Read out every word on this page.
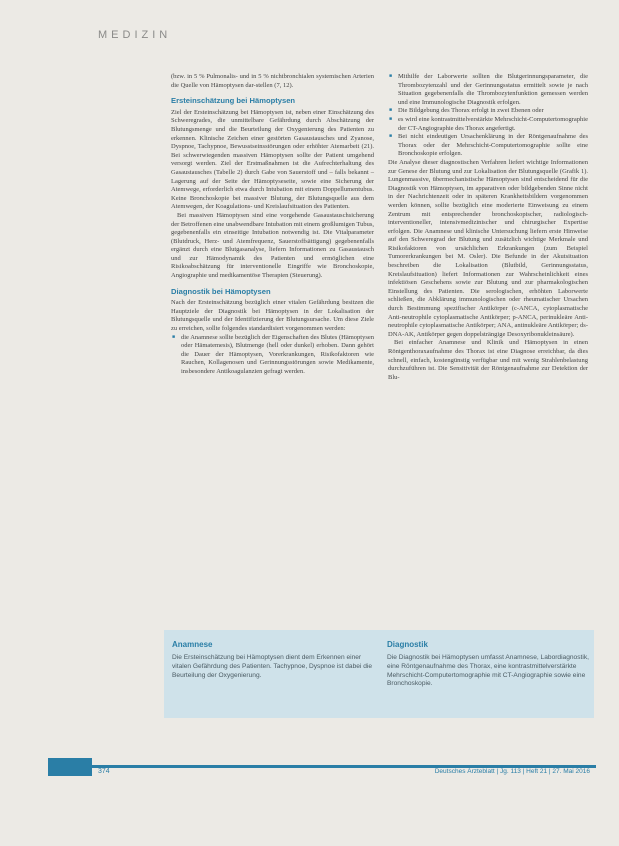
MEDIZIN

(bzw. in 5 % Pulmonalis- und in 5 % nichtbronchialen systemischen Arterien die Quelle von Hämoptysen dar-stellen (7, 12).

Ersteinschätzung bei Hämoptysen

Ziel der Ersteinschätzung bei Hämoptysen ist, neben einer Einschätzung des Schweregrades, die unmittelbare Gefährdung durch Abschätzung der Blutungsmenge und die Beurteilung der Oxygenierung des Patienten zu erkennen. Klinische Zeichen einer gestörten Gasaustausches und Zyanose, Dyspnoe, Tachypnoe, Bewusstseinsstörungen oder erhöhter Atemarbeit (21). Bei schwerwiegenden massiven Hämoptysen sollte der Patient umgehend versorgt werden. Ziel der Erstmaßnahmen ist die Aufrechterhaltung des Gasaustausches (Tabelle 2) durch Gabe von Sauerstoff und – falls bekannt – Lagerung auf der Seite der Hämoptyseseite, sowie eine Sicherung der Atemwege, erforderlich etwa durch Intubation mit einem Doppellumentubus. Keine Bronchoskopie bei massiver Blutung, der Blutungsquelle aus dem Atemwegen, der Koagulations- und Kreislaufsituation des Patienten.

Bei massiven Hämoptysen sind eine vorgehende Gasaustauschsicherung der Betroffenen eine unabwendbare Intubation mit einem großlumigen Tubus, gegebenenfalls ein einseitige Intubation notwendig ist. Die Vitalparameter (Blutdruck, Herz- und Atemfrequenz, Sauerstoffsättigung) gegebenenfalls ergänzt durch eine Blutgasanalyse, liefern Informationen zu Gasaustausch und zur Hämodynamik des Patienten und ermöglichen eine Risikoabschätzung für interventionelle Eingriffe wie Bronchoskopie, Angiographie und medikamentöse Therapien (Steuerung).

Diagnostik bei Hämoptysen

Nach der Ersteinschätzung bezüglich einer vitalen Gefährdung besitzen die Hauptziele der Diagnostik bei Hämoptysen in der Lokalisation der Blutungsquelle und der Identifizierung der Blutungsursache. Um diese Ziele zu erreichen, sollte folgendes standardisiert vorgenommen werden:

■ die Anamnese sollte bezüglich der Eigenschaften des Blutes (Hämoptysen oder Hämatemesis), Blutmenge (hell oder dunkel) erhoben. Dann gehört die Dauer der Hämoptysen, Vorerkrankungen, Risikofaktoren wie Rauchen, Kollagenosen und Gerinnungsstörungen sowie Medikamente, insbesondere Antikoagulanzien gefragt werden.

■ Mithilfe der Laborwerte sollten die Blutgerinnungsparameter, die Thrombozytenzahl und der Gerinnungsstatus ermittelt sowie je nach Situation gegebenenfalls die Thrombozytenfunktion gemessen werden und eine Immunologische Diagnostik erfolgen.

■ Die Bildgebung des Thorax erfolgt in zwei Ebenen oder

■ es wird eine kontrastmittelverstärkte Mehrschicht-Computertomographie der CT-Angiographie des Thorax angefertigt.

■ Bei nicht eindeutigen Ursachenklärung in der Röntgenaufnahme des Thorax oder der Mehrschicht-Computertomographie sollte eine Bronchoskopie erfolgen.

Die Analyse dieser diagnostischen Verfahren liefert wichtige Informationen zur Genese der Blutung und zur Lokalisation der Blutungsquelle (Grafik 1). Lungenmassive, übermechanistische Hämoptysen sind entscheidend für die Diagnostik von Hämoptysen, im apparativen oder bildgebenden Sinne nicht in der Nachrichtenzeit oder in späteren Krankheitsbildern vorgenommen werden können, sollte bezüglich eine moderierte Einweisung zu einem Zentrum mit entsprechender bronchoskopischer, radiologisch-interventioneller, intensivmedizinischer und chirurgischer Expertise erfolgen. Die Anamnese und klinische Untersuchung liefern erste Hinweise auf den Schweregrad der Blutung und zusätzlich wichtige Merkmale und Risikofaktoren von ursächlichen Erkrankungen (zum Beispiel Tumorerkrankungen bei M. Osler). Die Befunde in der Akutsituation beschreiben die Lokalisation (Blutbild, Gerinnungsstatus, Kreislaufsituation) liefert Informationen zur Wahrscheinlichkeit eines infektiösen Geschehens sowie zur Blutung und zur pharmakologischen Einstellung des Patienten. Die serologischen, erhöhten Laborwerte schließen, die Abklärung immunologischen oder rheumatischer Ursachen durch Bestimmung spezifischer Antikörper (c-ANCA, cytoplasmatische Anti-neutrophile cytoplasmatische Antikörper; p-ANCA, perinukleäre Anti-neutrophile cytoplasmatische Antikörper; ANA, antinukleäre Antikörper; ds-DNA-AK, Antikörper gegen doppelsträngige Desoxyribonukleinsäure).

Bei einfacher Anamnese und Klinik und Hämoptysen in einen Röntgenthoraxaufnahme des Thorax ist eine Diagnose erreichbar, da dies schnell, einfach, kostengünstig verfügbar und mit wenig Strahlenbelastung durchzuführen ist. Die Sensitivität der Röntgenaufnahme zur Detektion der Blu-

Anamnese

Die Ersteinschätzung bei Hämoptysen dient dem Erkennen einer vitalen Gefährdung des Patienten. Tachypnoe, Dyspnoe ist dabei die Beurteilung der Oxygenierung.

Diagnostik

Die Diagnostik bei Hämoptysen umfasst Anamnese, Labordiagnostik, eine Röntgenaufnahme des Thorax, eine kontrastmittelverstärkte Mehrschicht-Computertomographie mit CT-Angiographie sowie eine Bronchoskopie.

374	Deutsches Ärzteblatt | Jg. 113 | Heft 21 | 27. Mai 2016
